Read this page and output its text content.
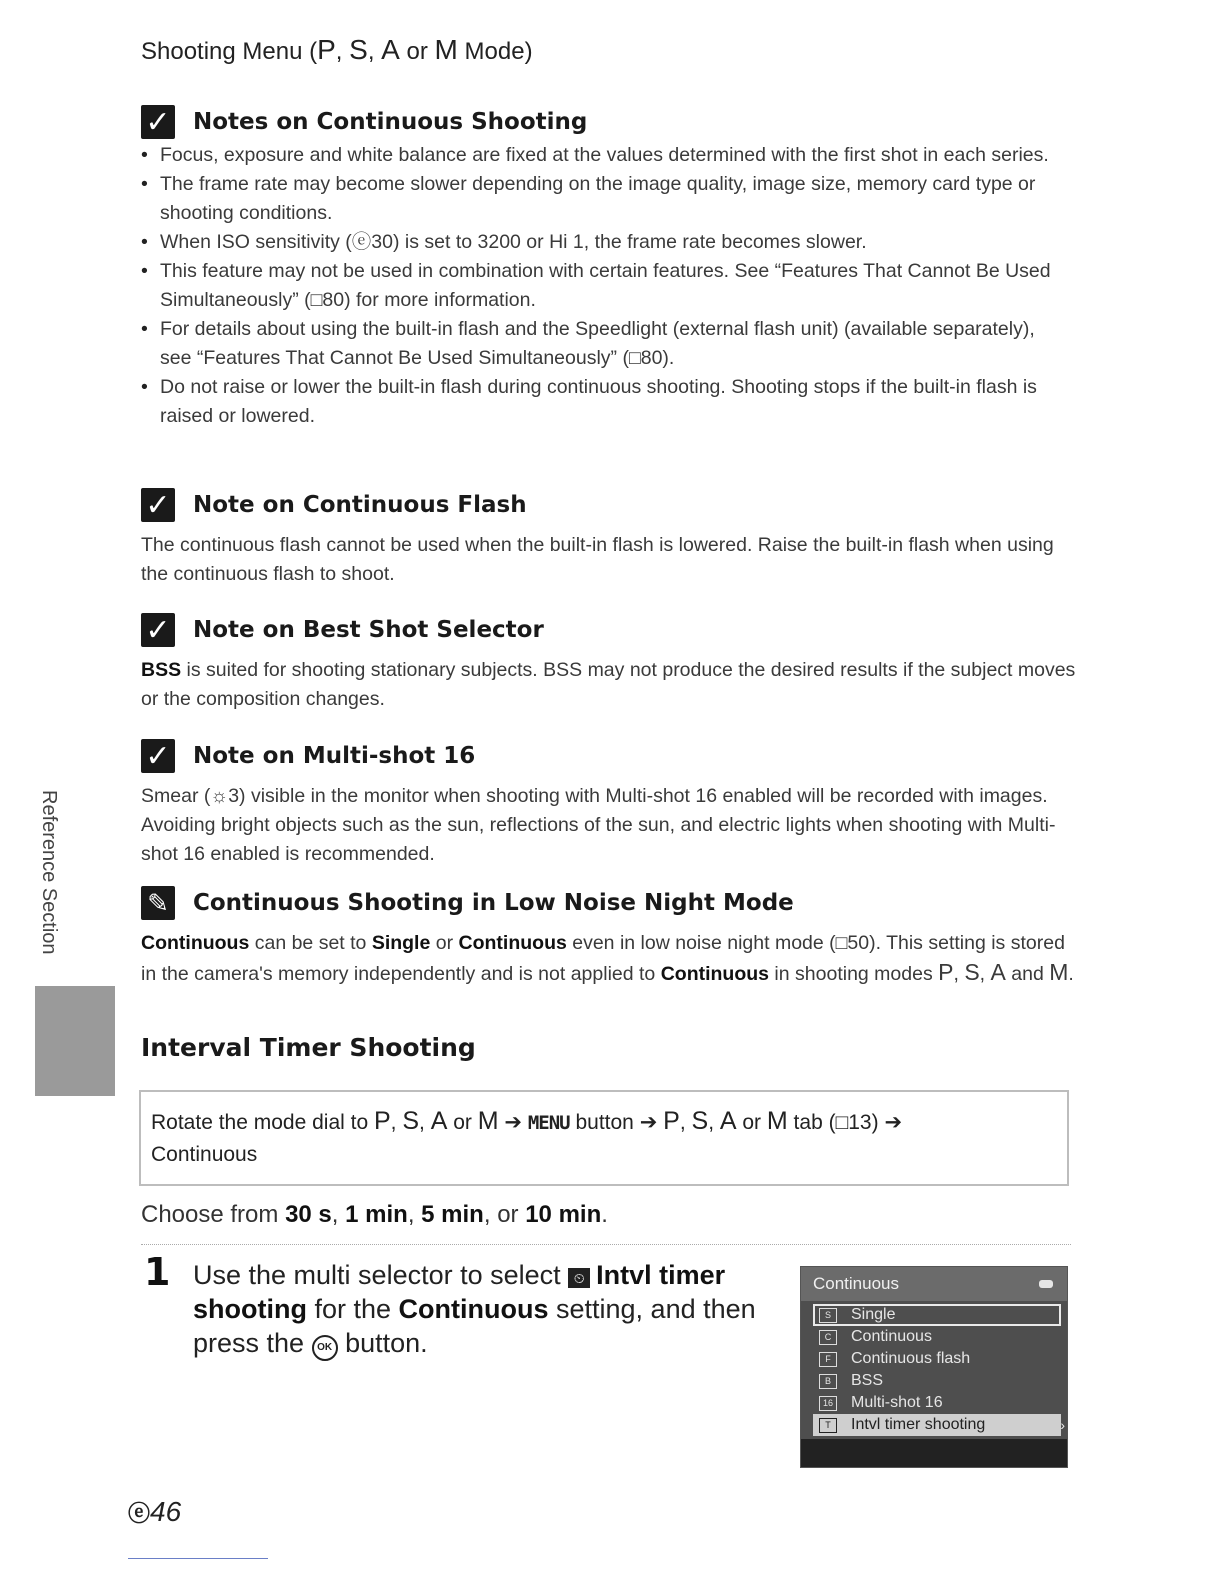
Shooting Menu (P, S, A or M Mode)
✓ Notes on Continuous Shooting
• Focus, exposure and white balance are fixed at the values determined with the first shot in each series.
• The frame rate may become slower depending on the image quality, image size, memory card type or shooting conditions.
• When ISO sensitivity (ⓔ30) is set to 3200 or Hi 1, the frame rate becomes slower.
• This feature may not be used in combination with certain features. See “Features That Cannot Be Used Simultaneously” (□80) for more information.
• For details about using the built-in flash and the Speedlight (external flash unit) (available separately), see “Features That Cannot Be Used Simultaneously” (□80).
• Do not raise or lower the built-in flash during continuous shooting. Shooting stops if the built-in flash is raised or lowered.
✓ Note on Continuous Flash
The continuous flash cannot be used when the built-in flash is lowered. Raise the built-in flash when using the continuous flash to shoot.
✓ Note on Best Shot Selector
BSS is suited for shooting stationary subjects. BSS may not produce the desired results if the subject moves or the composition changes.
✓ Note on Multi-shot 16
Smear (☼3) visible in the monitor when shooting with Multi-shot 16 enabled will be recorded with images. Avoiding bright objects such as the sun, reflections of the sun, and electric lights when shooting with Multi-shot 16 enabled is recommended.
✎ Continuous Shooting in Low Noise Night Mode
Continuous can be set to Single or Continuous even in low noise night mode (□50). This setting is stored in the camera's memory independently and is not applied to Continuous in shooting modes P, S, A and M.
Interval Timer Shooting
Rotate the mode dial to P, S, A or M ➔ MENU button ➔ P, S, A or M tab (□13) ➔
Continuous
Choose from 30 s, 1 min, 5 min, or 10 min.
1 Use the multi selector to select ⏲ Intvl timer shooting for the Continuous setting, and then press the OK button.
Continuous
S	Single
C	Continuous
F	Continuous flash
B	BSS
16 Multi-shot 16
T	Intvl timer shooting
›
Reference Section
ⓔ46
